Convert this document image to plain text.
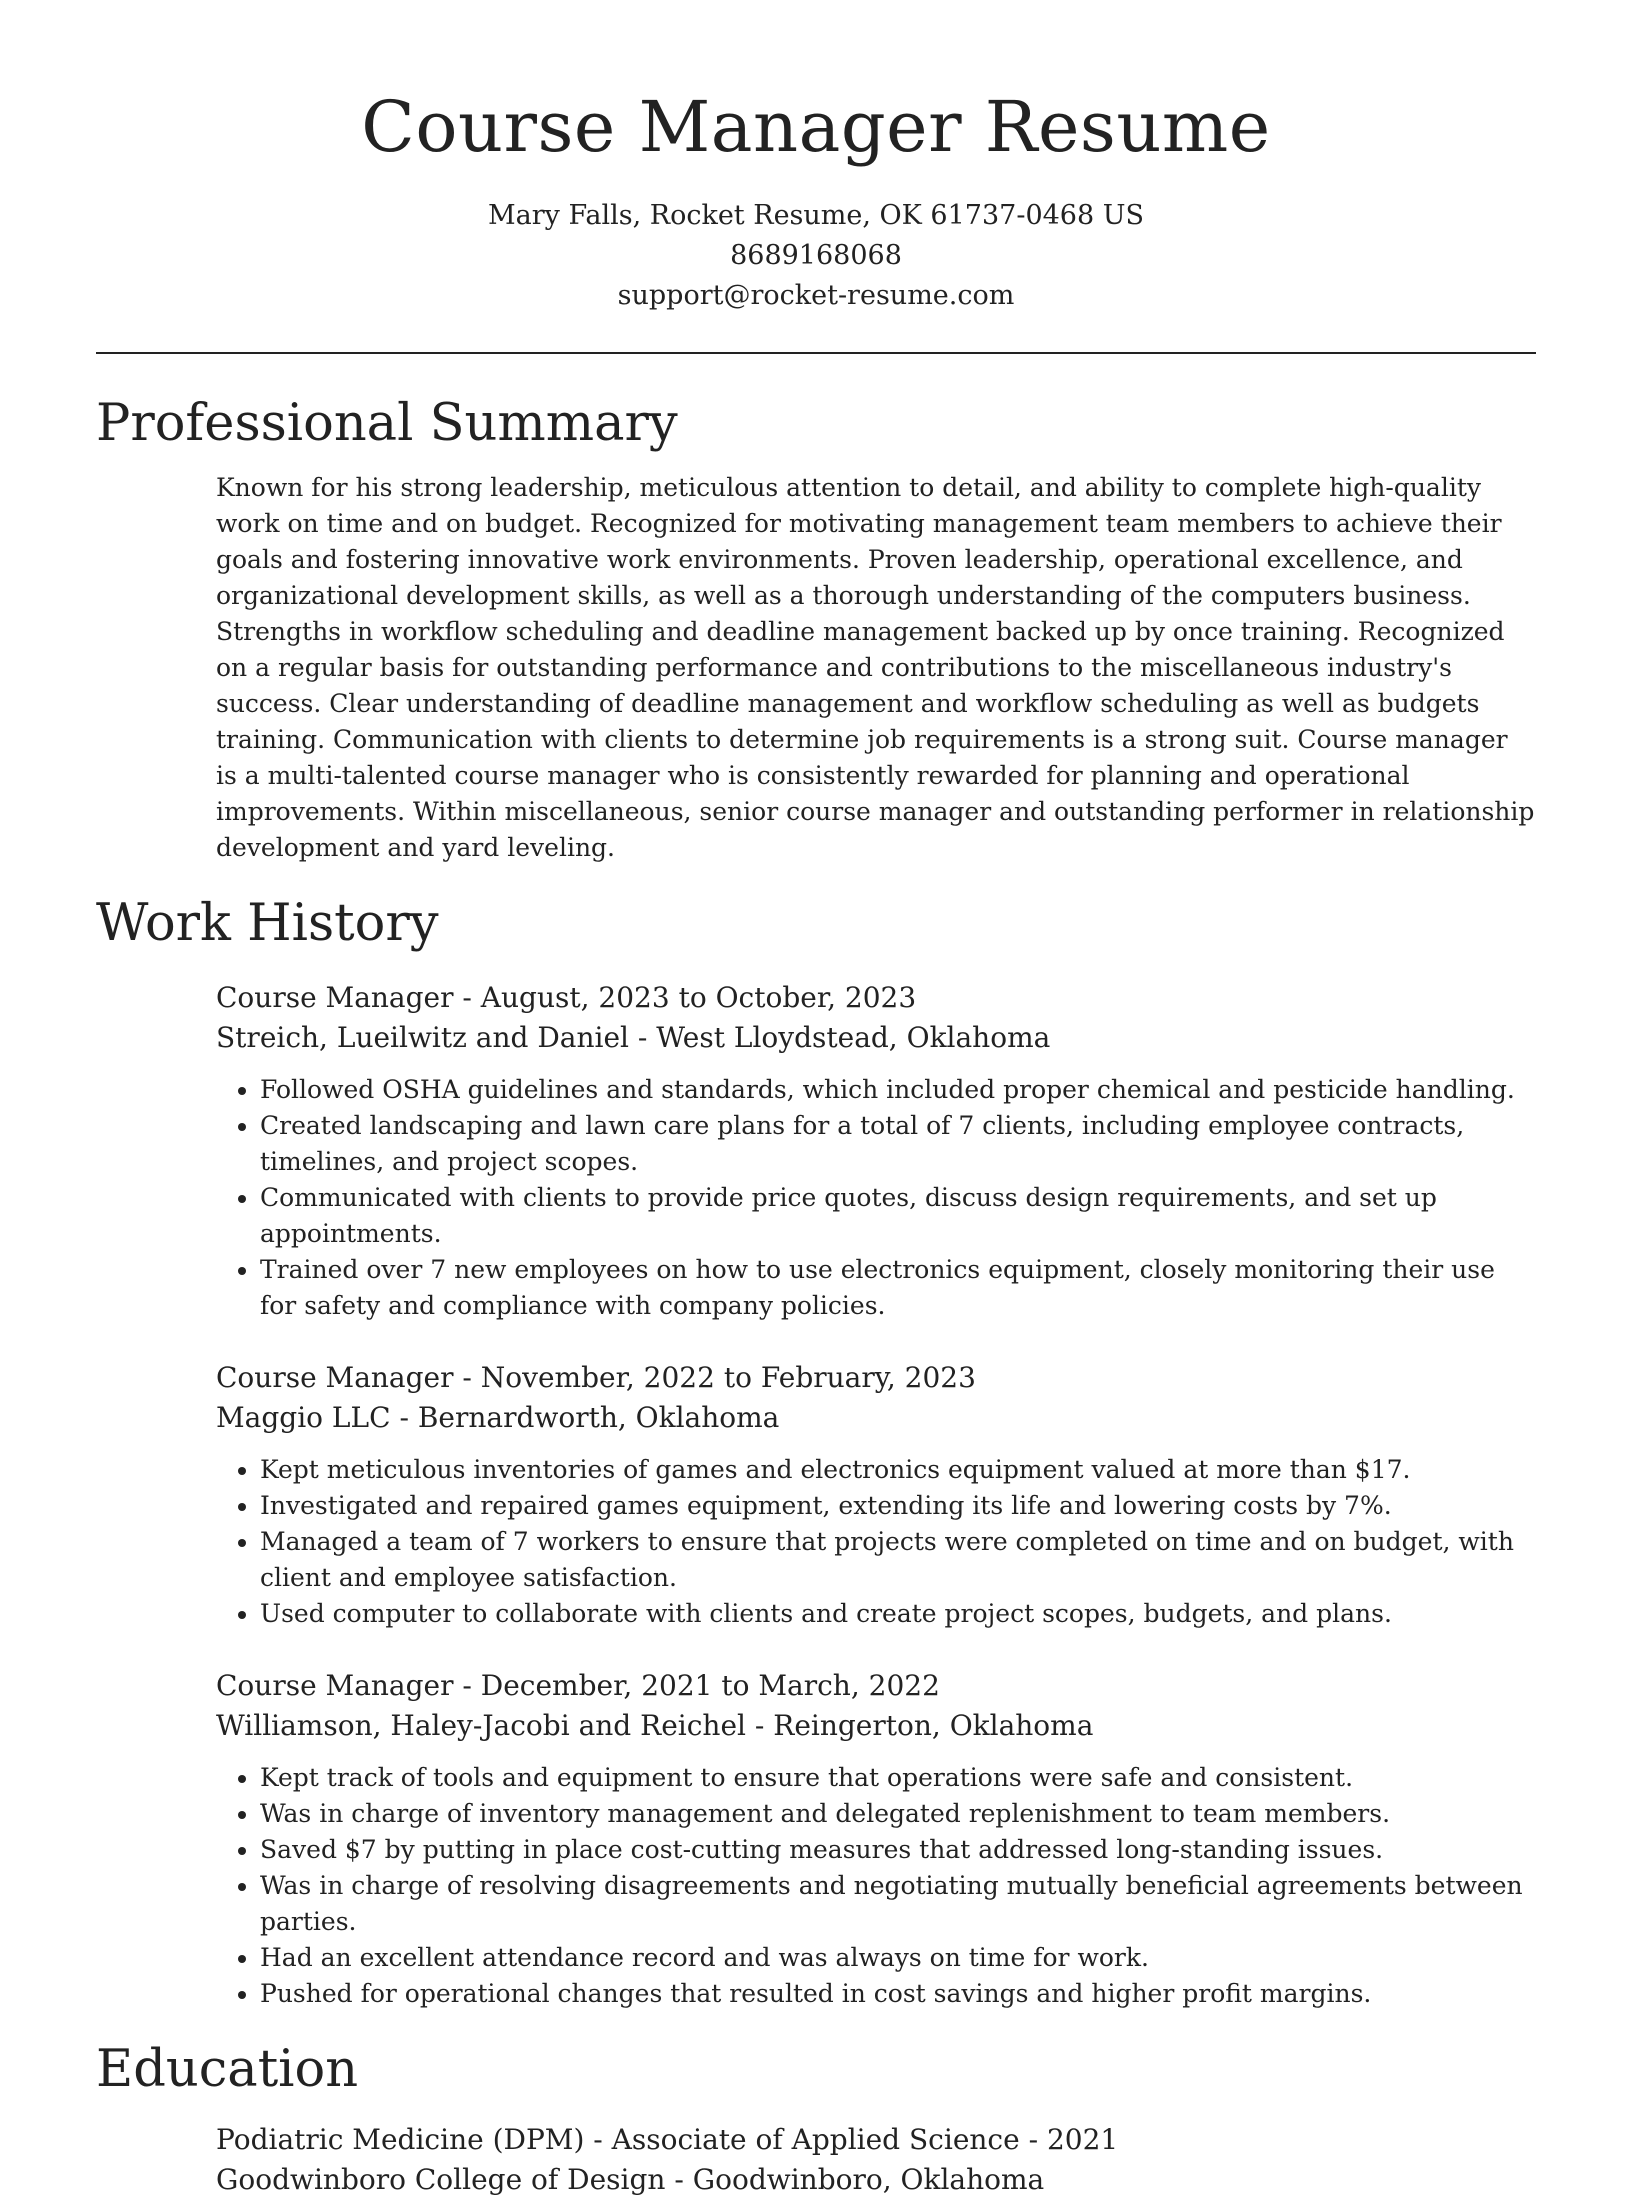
Course Manager Resume
Mary Falls, Rocket Resume, OK 61737-0468 US
8689168068
support@rocket-resume.com
Professional Summary

Known for his strong leadership, meticulous attention to detail, and ability to complete high-quality work on time and on budget. Recognized for motivating management team members to achieve their goals and fostering innovative work environments. Proven leadership, operational excellence, and organizational development skills, as well as a thorough understanding of the computers business. Strengths in workflow scheduling and deadline management backed up by once training. Recognized on a regular basis for outstanding performance and contributions to the miscellaneous industry's success. Clear understanding of deadline management and workflow scheduling as well as budgets training. Communication with clients to determine job requirements is a strong suit. Course manager is a multi-talented course manager who is consistently rewarded for planning and operational improvements. Within miscellaneous, senior course manager and outstanding performer in relationship development and yard leveling.

Work History

Course Manager - August, 2023 to October, 2023

Streich, Lueilwitz and Daniel - West Lloydstead, Oklahoma

• Followed OSHA guidelines and standards, which included proper chemical and pesticide handling.
• Created landscaping and lawn care plans for a total of 7 clients, including employee contracts, timelines, and project scopes.
• Communicated with clients to provide price quotes, discuss design requirements, and set up appointments.
• Trained over 7 new employees on how to use electronics equipment, closely monitoring their use for safety and compliance with company policies.

Course Manager - November, 2022 to February, 2023

Maggio LLC - Bernardworth, Oklahoma

• Kept meticulous inventories of games and electronics equipment valued at more than $17.
• Investigated and repaired games equipment, extending its life and lowering costs by 7%.
• Managed a team of 7 workers to ensure that projects were completed on time and on budget, with client and employee satisfaction.
• Used computer to collaborate with clients and create project scopes, budgets, and plans.

Course Manager - December, 2021 to March, 2022

Williamson, Haley-Jacobi and Reichel - Reingerton, Oklahoma

• Kept track of tools and equipment to ensure that operations were safe and consistent.
• Was in charge of inventory management and delegated replenishment to team members.
• Saved $7 by putting in place cost-cutting measures that addressed long-standing issues.
• Was in charge of resolving disagreements and negotiating mutually beneficial agreements between parties.
• Had an excellent attendance record and was always on time for work.
• Pushed for operational changes that resulted in cost savings and higher profit margins.
Education

Podiatric Medicine (DPM) - Associate of Applied Science - 2021

Goodwinboro College of Design - Goodwinboro, Oklahoma
